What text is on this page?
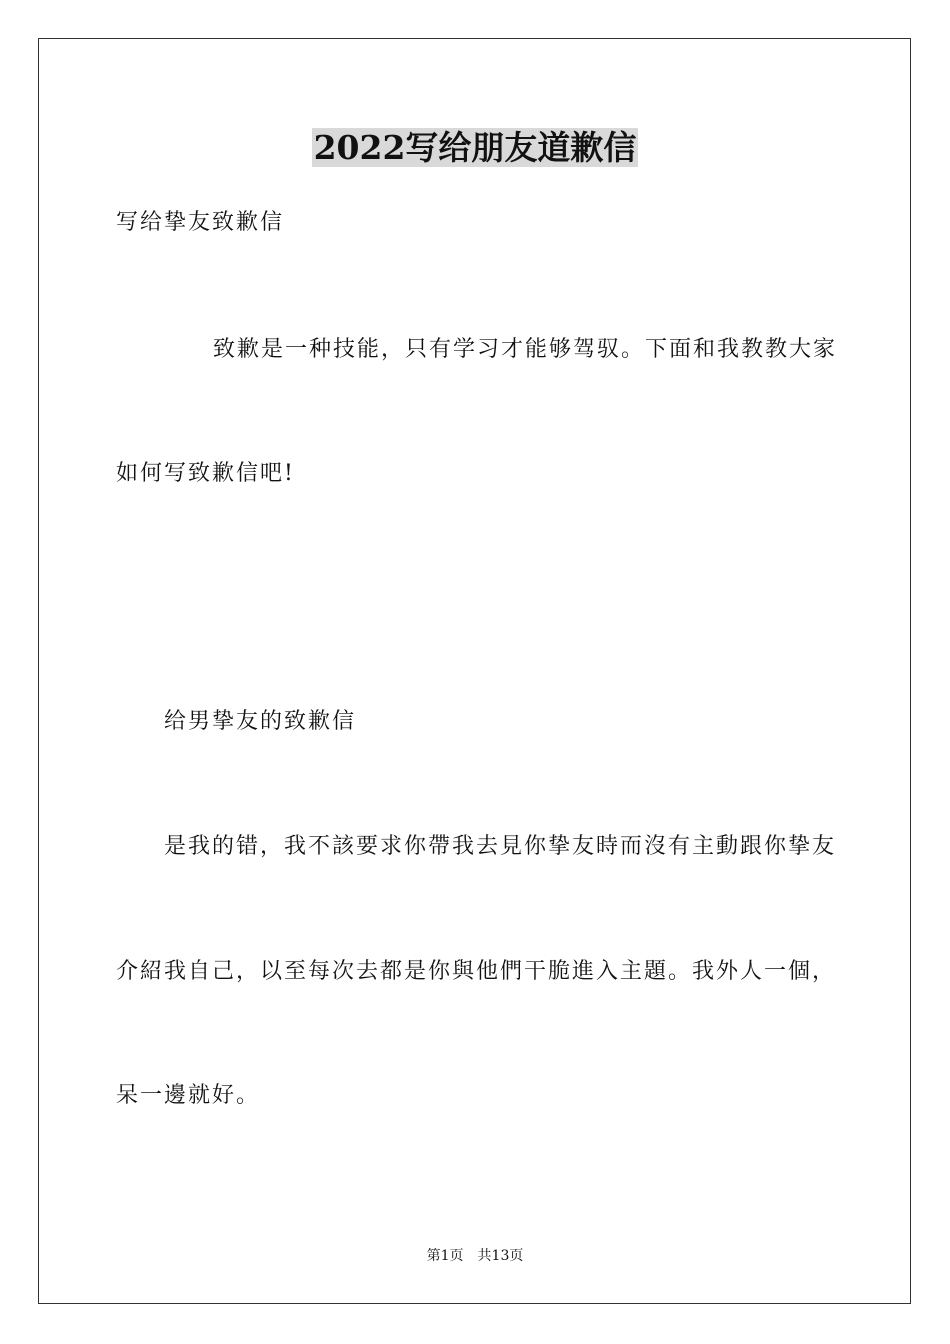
2022写给朋友道歉信
写给挚友致歉信
致歉是一种技能，只有学习才能够驾驭。下面和我教教大家
如何写致歉信吧!
给男挚友的致歉信
是我的错，我不該要求你帶我去見你挚友時而沒有主動跟你挚友
介紹我自己，以至每次去都是你與他們干脆進入主題。我外人一個，
呆一邊就好。
第1页 共13页
